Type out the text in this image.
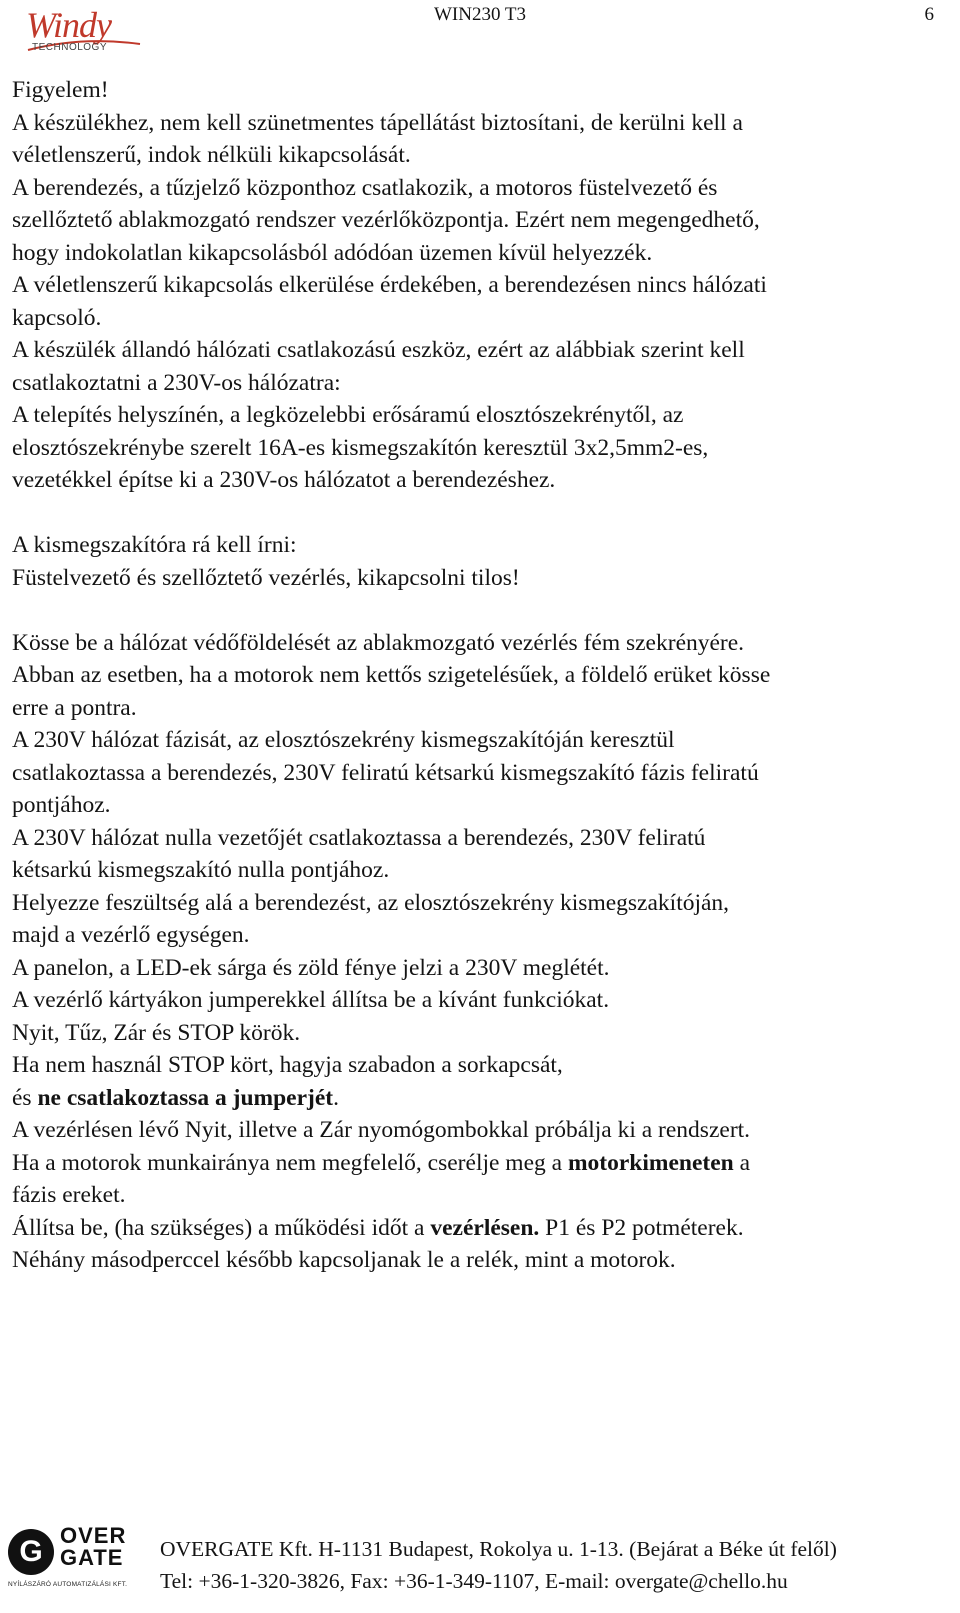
Windy
TECHNOLOGY
WIN230 T3	6

Figyelem!

A készülékhez, nem kell szünetmentes tápellátást biztosítani, de kerülni kell a

véletlenszerű, indok nélküli kikapcsolását.

A berendezés, a tűzjelző központhoz csatlakozik, a motoros füstelvezető és

szellőztető ablakmozgató rendszer vezérlőközpontja. Ezért nem megengedhető,

hogy indokolatlan kikapcsolásból adódóan üzemen kívül helyezzék.

A véletlenszerű kikapcsolás elkerülése érdekében, a berendezésen nincs hálózati

kapcsoló.

A készülék állandó hálózati csatlakozású eszköz, ezért az alábbiak szerint kell

csatlakoztatni a 230V-os hálózatra:

A telepítés helyszínén, a legközelebbi erősáramú elosztószekrénytől, az

elosztószekrénybe szerelt 16A-es kismegszakítón keresztül 3x2,5mm2-es,

vezetékkel építse ki a 230V-os hálózatot a berendezéshez.

A kismegszakítóra rá kell írni:

Füstelvezető és szellőztető vezérlés, kikapcsolni tilos!

Kösse be a hálózat védőföldelését az ablakmozgató vezérlés fém szekrényére.

Abban az esetben, ha a motorok nem kettős szigetelésűek, a földelő erüket kösse

erre a pontra.

A 230V hálózat fázisát, az elosztószekrény kismegszakítóján keresztül

csatlakoztassa a berendezés, 230V feliratú kétsarkú kismegszakító fázis feliratú

pontjához.

A 230V hálózat nulla vezetőjét csatlakoztassa a berendezés, 230V feliratú

kétsarkú kismegszakító nulla pontjához.

Helyezze feszültség alá a berendezést, az elosztószekrény kismegszakítóján,

majd a vezérlő egységen.

A panelon, a LED-ek sárga és zöld fénye jelzi a 230V meglétét.

A vezérlő kártyákon jumperekkel állítsa be a kívánt funkciókat.

Nyit, Tűz, Zár és STOP körök.

Ha nem használ STOP kört, hagyja szabadon a sorkapcsát,

és ne csatlakoztassa a jumperjét.

A vezérlésen lévő Nyit, illetve a Zár nyomógombokkal próbálja ki a rendszert.

Ha a motorok munkairánya nem megfelelő, cserélje meg a motorkimeneten a

fázis ereket.

Állítsa be, (ha szükséges) a működési időt a vezérlésen. P1 és P2 potméterek.

Néhány másodperccel később kapcsoljanak le a relék, mint a motorok.

G OVER
GATE
NYÍLÁSZÁRÓ AUTOMATIZÁLÁSI KFT.
OVERGATE Kft. H-1131 Budapest, Rokolya u. 1-13. (Bejárat a Béke út felől)
Tel: +36-1-320-3826, Fax: +36-1-349-1107, E-mail: overgate@chello.hu
